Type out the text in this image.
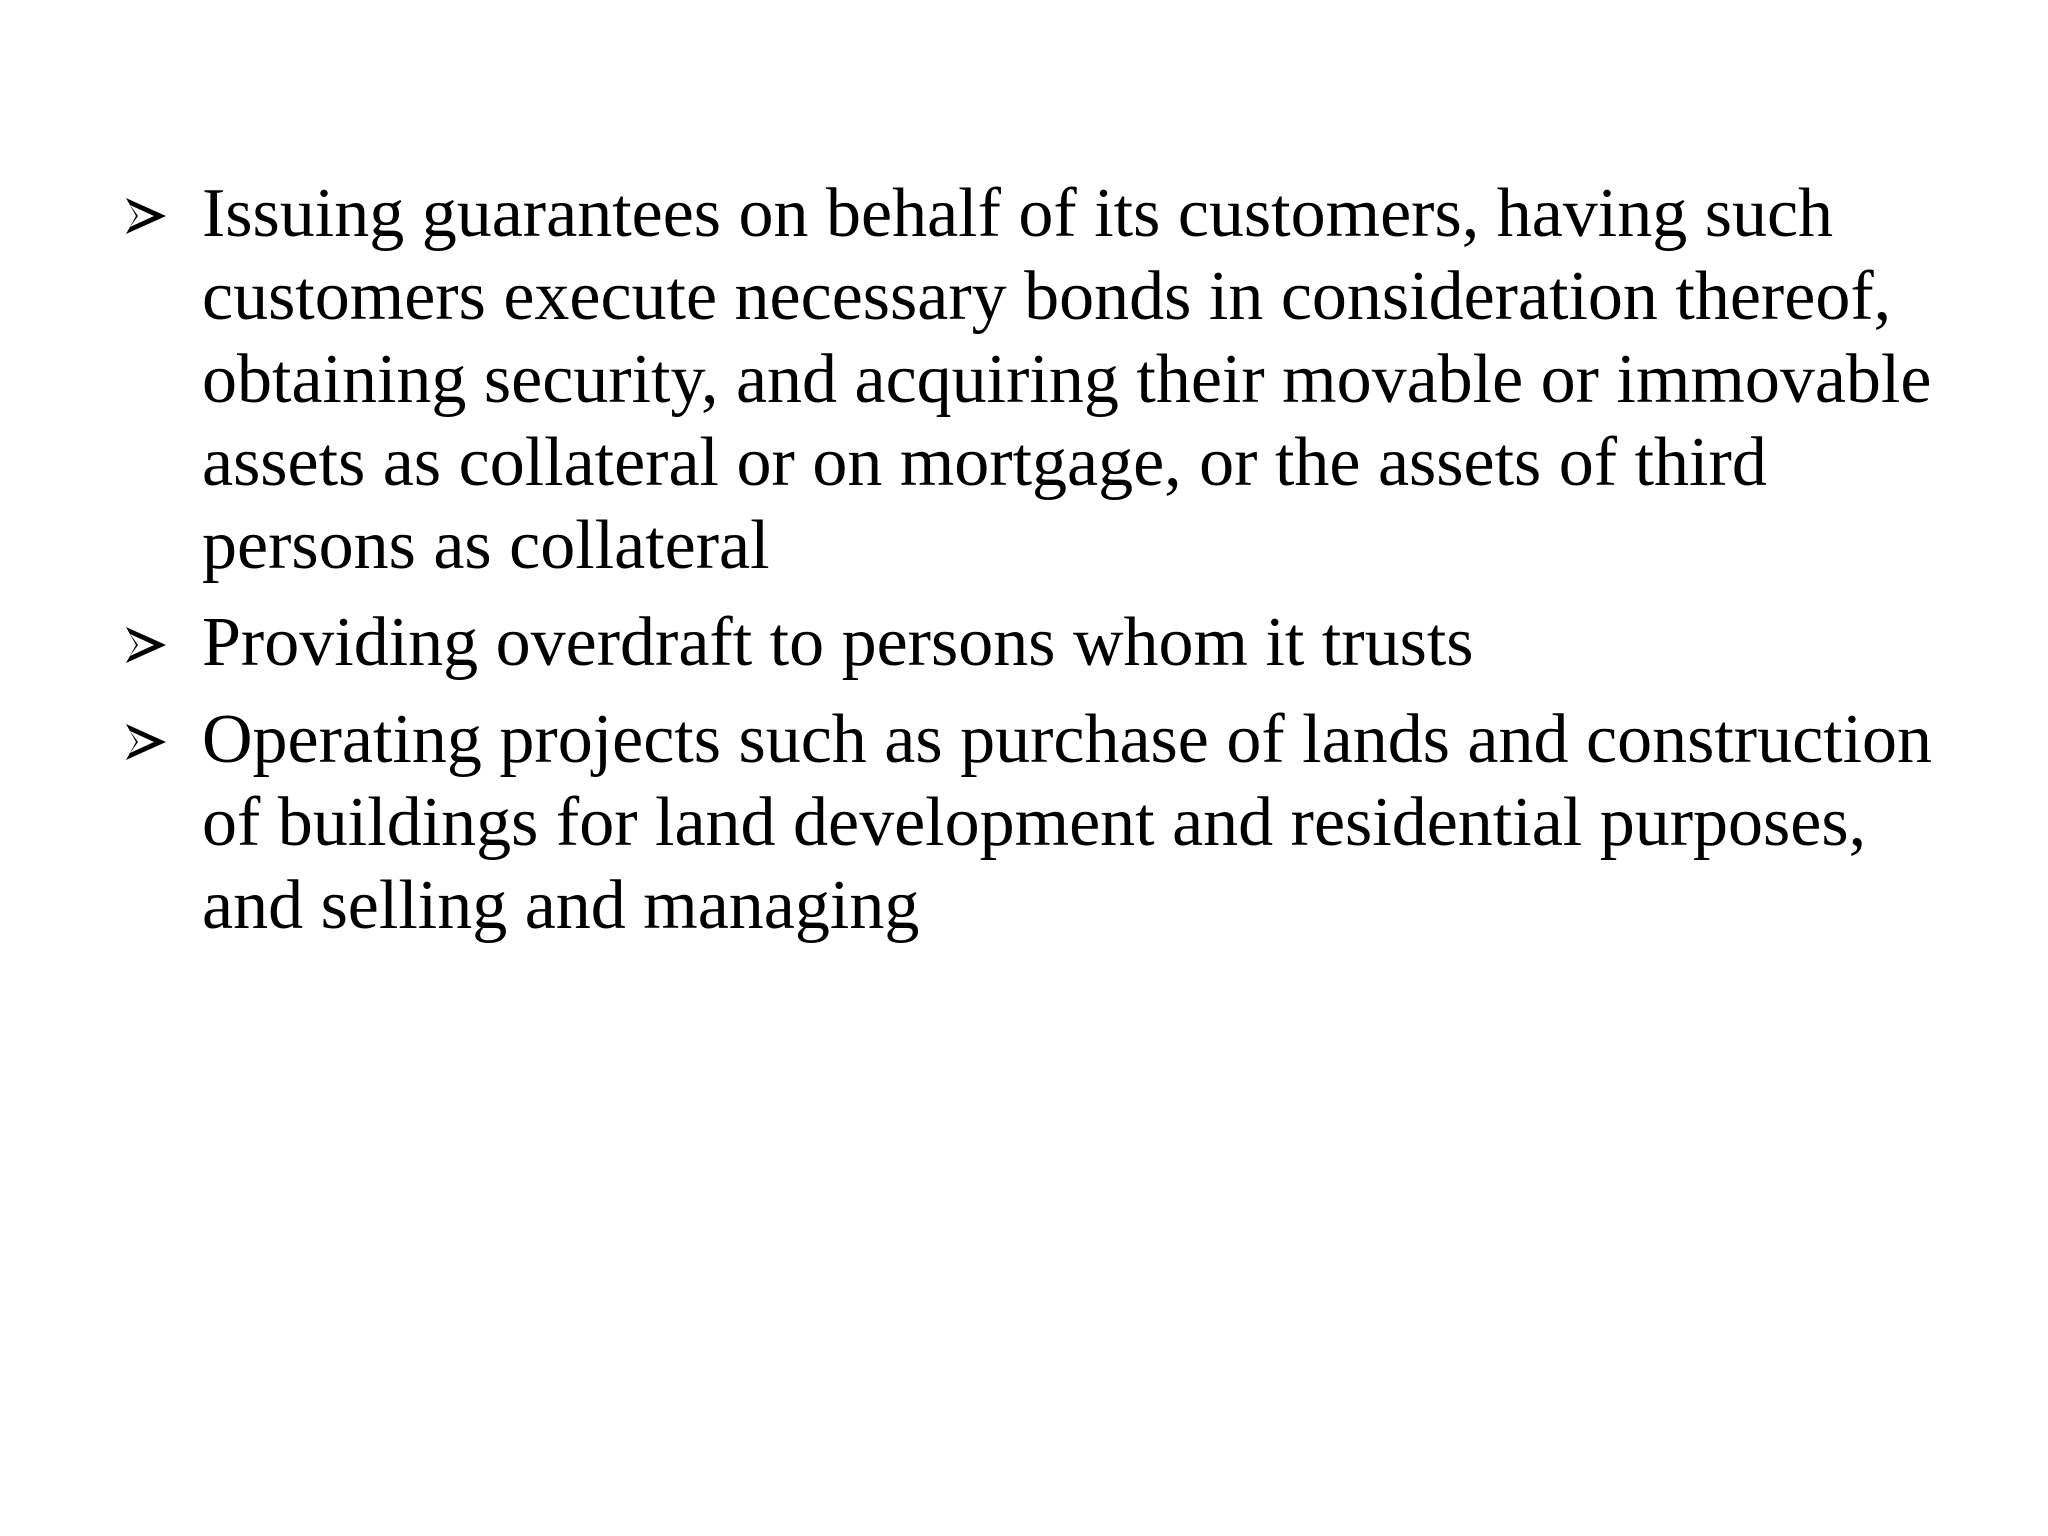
Issuing guarantees on behalf of its customers, having such
customers execute necessary bonds in consideration thereof,
obtaining security, and acquiring their movable or immovable
assets as collateral or on mortgage, or the assets of third
persons as collateral
Providing overdraft to persons whom it trusts
Operating projects such as purchase of lands and construction
of buildings for land development and residential purposes,
and selling and managing
